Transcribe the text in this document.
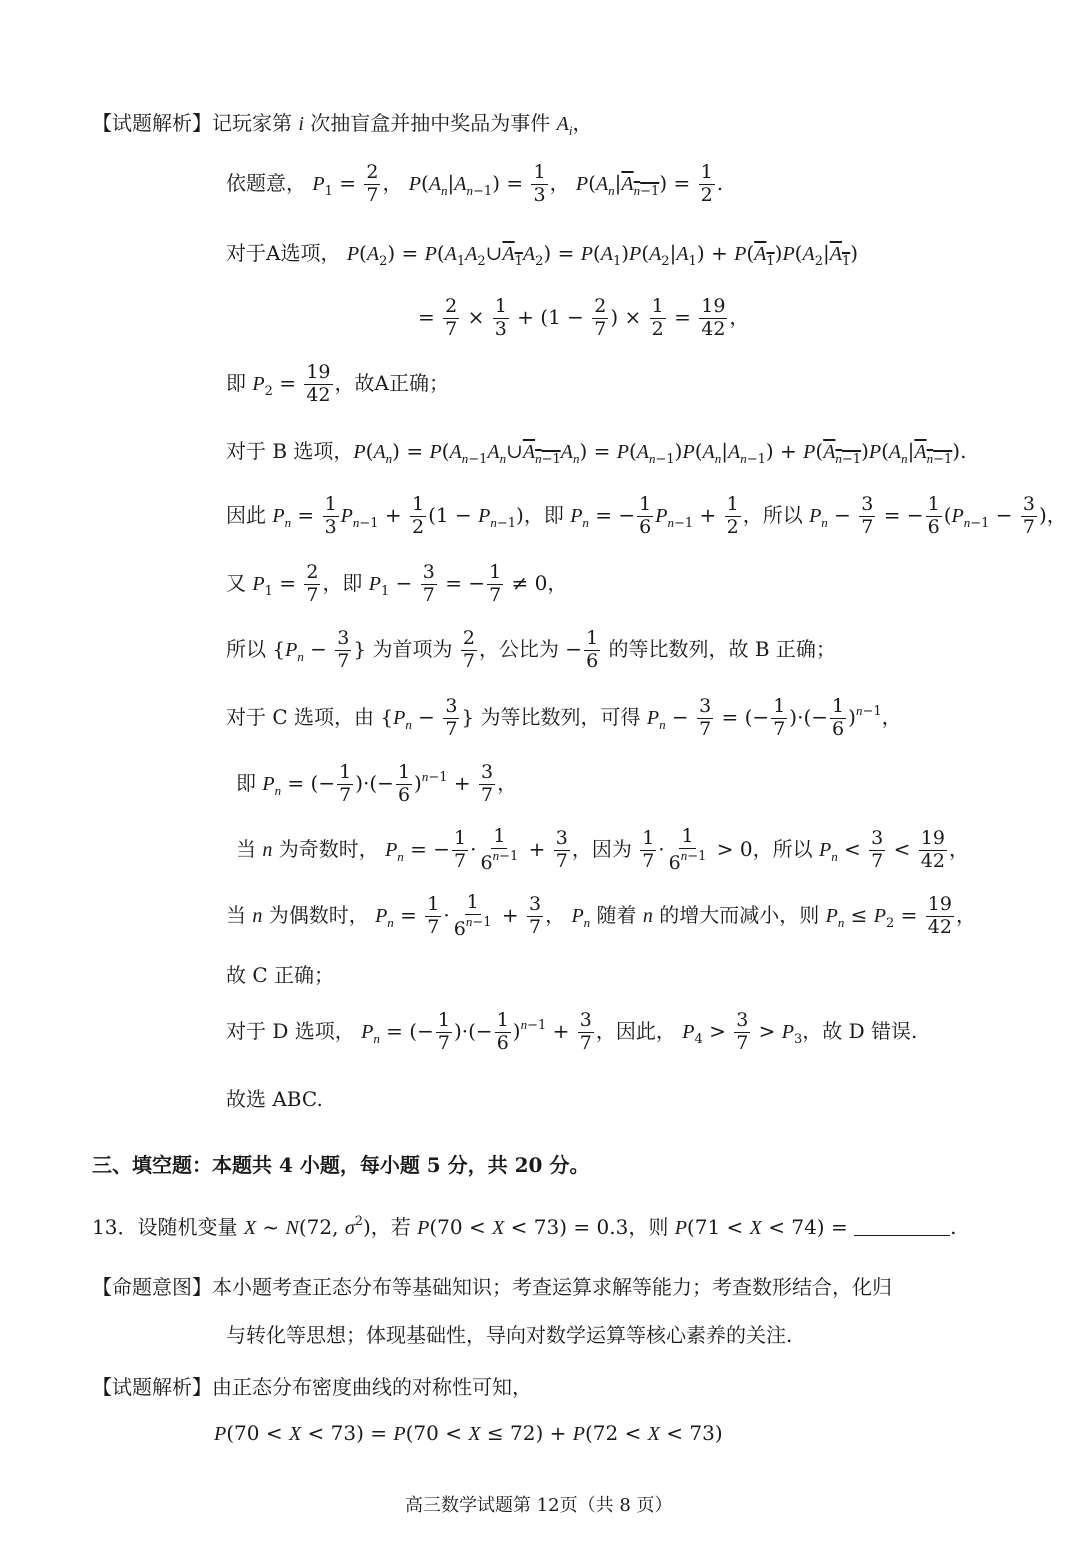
【试题解析】记玩家第 i 次抽盲盒并抽中奖品为事件 $A_i$，
依题意， $P_1 = \frac{2}{7}$ ， $P(A_n|A_{n-1}) = \frac{1}{3}$ ， $P(A_n|A_{n-1}) = \frac{1}{2}$ .
对于A选项， $P(A_2)$ = $P(A_1A_2\cup A_1A_2) = P(A_1)P(A_2|A_1) + P(A_1)P(A_2|A_1)$
= $\frac{2}{7} \times \frac{1}{3} + (1 - \frac{2}{7}$ ) × $\frac{1}{2} = \frac{19}{42}$ ，
即 $P_2 = \frac{19}{42}$ ，故A正确；
对于 B 选项，$P(A_n)$ = $P(A_{n-1}A_n\cup A_{n-1}A_n) = P(A_{n-1})P(A_n|A_{n-1}) + P(A_{n-1})P(A_n|A_{n-1})$.
因此 $P_n = \frac{1}{3} P_{n-1} + \frac{1}{2} (1 - P_{n-1})$，即 $P_n$ = − $\frac{1}{6} P_{n-1} + \frac{1}{2}$ ，所以 $P_n - \frac{3}{7}$ = − $\frac{1}{6} (P_{n-1} - \frac{3}{7}$ )，
又 $P_1 = \frac{2}{7}$ ，即 $P_1 - \frac{3}{7}$ = − $\frac{1}{7} \ne 0$，
所以 {$P_n - \frac{3}{7}$ } 为首项为 $\frac{2}{7}$ ，公比为 − $\frac{1}{6}$ 的等比数列，故 B 正确；
对于 C 选项，由 {$P_n - \frac{3}{7}$ } 为等比数列，可得 $P_n - \frac{3}{7}$ = (− $\frac{1}{7}$ )·(− $\frac{1}{6} )^{n-1}$，
即 $P_n$ = (− $\frac{1}{7}$ )·(− $\frac{1}{6} )^{n-1} + \frac{3}{7}$ ，
当 n 为奇数时， $P_n$ = − $\frac{1}{7} \cdot \frac{1}{6^{n-1}} + \frac{3}{7}$ ，因为 $\frac{1}{7} \cdot \frac{1}{6^{n-1}} > 0$，所以 $P_n < \frac{3}{7} < \frac{19}{42}$ ，
当 n 为偶数时， $P_n = \frac{1}{7} \cdot \frac{1}{6^{n-1}} + \frac{3}{7}$ ， $P_n$ 随着 n 的增大而减小，则 $P_n \le P_2 = \frac{19}{42}$ ，
故 C 正确；
对于 D 选项， $P_n$ = (− $\frac{1}{7}$ )·(− $\frac{1}{6} )^{n-1} + \frac{3}{7}$ ，因此， $P_4 > \frac{3}{7} > P_3$，故 D 错误.
故选 ABC.
三、填空题：本题共 4 小题，每小题 5 分，共 20 分。
13．设随机变量 X ~ N(72, $\sigma^2$)，若 P(70 < X < 73) = 0.3，则 P(71 < X < 74) =	.
【命题意图】本小题考查正态分布等基础知识；考查运算求解等能力；考查数形结合，化归
与转化等思想；体现基础性，导向对数学运算等核心素养的关注.
【试题解析】由正态分布密度曲线的对称性可知，
P(70 < X < 73) = P(70 < X ≤ 72) + P(72 < X < 73)
高三数学试题第 12页（共 8 页）
